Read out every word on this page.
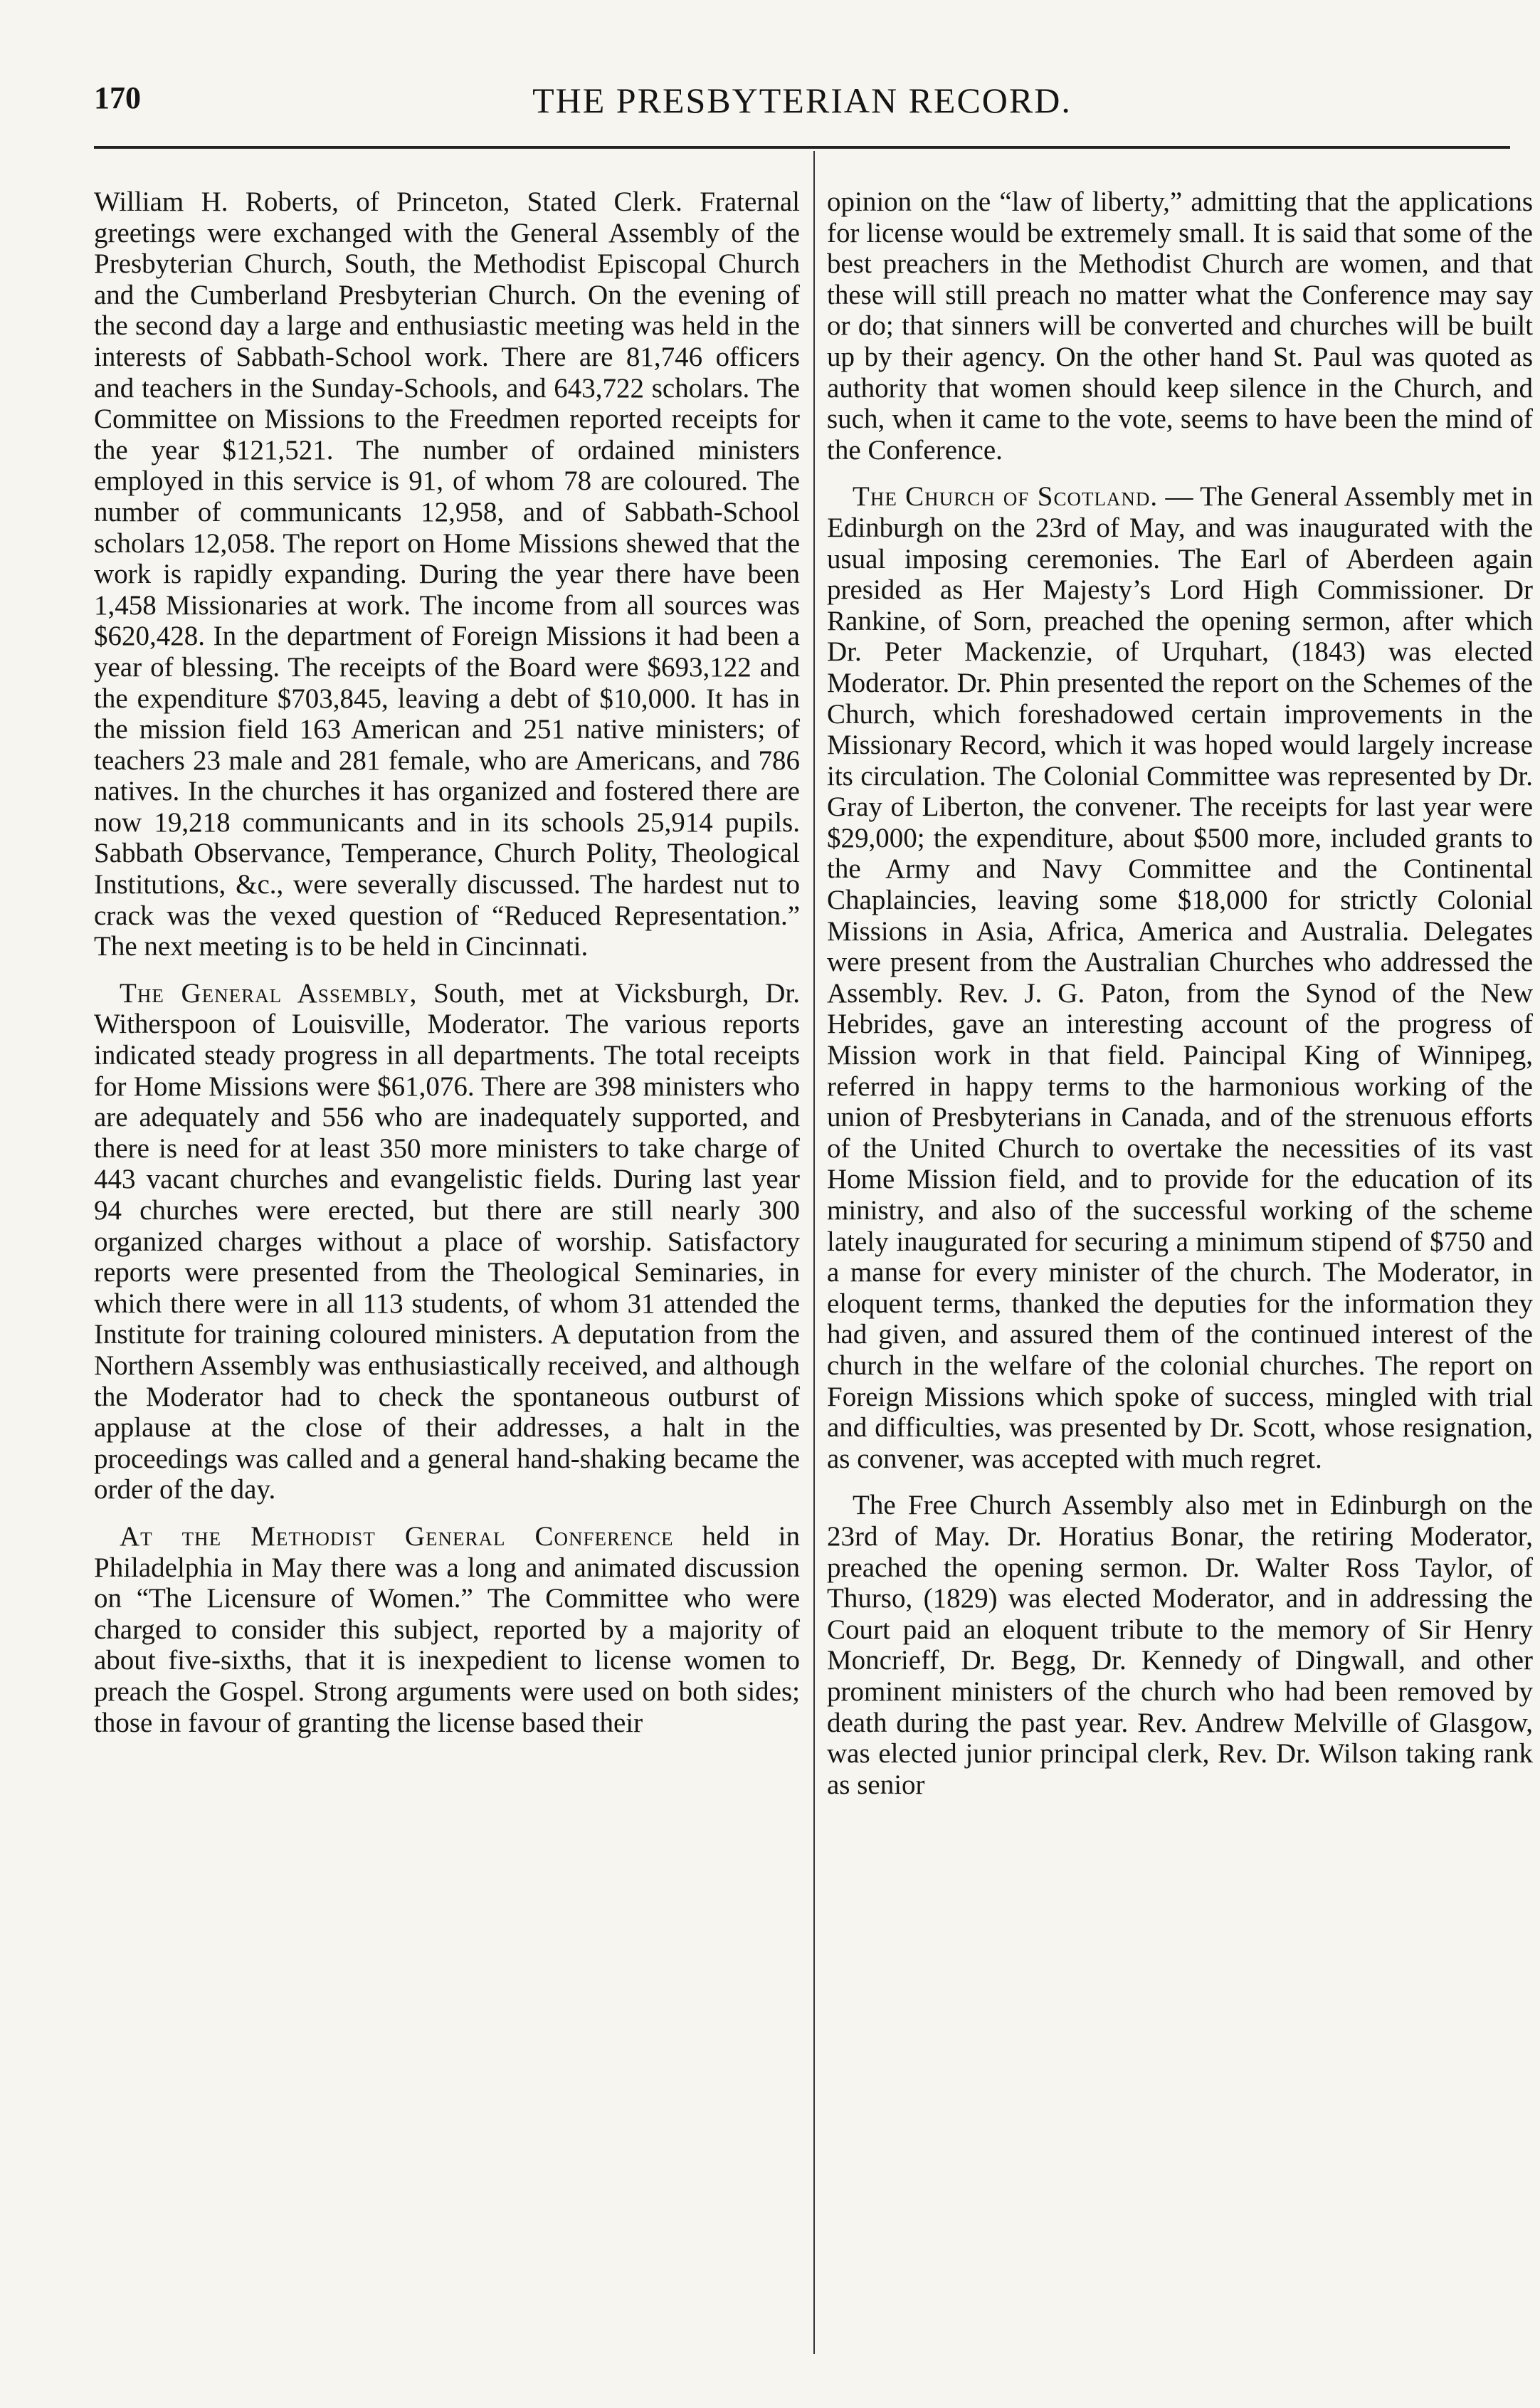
170	THE PRESBYTERIAN RECORD.

William H. Roberts, of Princeton, Stated Clerk. Fraternal greetings were exchanged with the General Assembly of the Presbyterian Church, South, the Methodist Episcopal Church and the Cumberland Presbyterian Church. On the evening of the second day a large and enthusiastic meeting was held in the interests of Sabbath-School work. There are 81,746 officers and teachers in the Sunday-Schools, and 643,722 scholars. The Committee on Missions to the Freedmen reported receipts for the year $121,521. The number of ordained ministers employed in this service is 91, of whom 78 are coloured. The number of communicants 12,958, and of Sabbath-School scholars 12,058. The report on Home Missions shewed that the work is rapidly expanding. During the year there have been 1,458 Missionaries at work. The income from all sources was $620,428. In the department of Foreign Missions it had been a year of blessing. The receipts of the Board were $693,122 and the expenditure $703,845, leaving a debt of $10,000. It has in the mission field 163 American and 251 native ministers; of teachers 23 male and 281 female, who are Americans, and 786 natives. In the churches it has organized and fostered there are now 19,218 communicants and in its schools 25,914 pupils. Sabbath Observance, Temperance, Church Polity, Theological Institutions, &c., were severally discussed. The hardest nut to crack was the vexed question of “Reduced Representation.” The next meeting is to be held in Cincinnati.

The General Assembly, South, met at Vicksburgh, Dr. Witherspoon of Louisville, Moderator. The various reports indicated steady progress in all departments. The total receipts for Home Missions were $61,076. There are 398 ministers who are adequately and 556 who are inadequately supported, and there is need for at least 350 more ministers to take charge of 443 vacant churches and evangelistic fields. During last year 94 churches were erected, but there are still nearly 300 organized charges without a place of worship. Satisfactory reports were presented from the Theological Seminaries, in which there were in all 113 students, of whom 31 attended the Institute for training coloured ministers. A deputation from the Northern Assembly was enthusiastically received, and although the Moderator had to check the spontaneous outburst of applause at the close of their addresses, a halt in the proceedings was called and a general hand-shaking became the order of the day.

At the Methodist General Conference held in Philadelphia in May there was a long and animated discussion on “The Licensure of Women.” The Committee who were charged to consider this subject, reported by a majority of about five-sixths, that it is inexpedient to license women to preach the Gospel. Strong arguments were used on both sides; those in favour of granting the license based their

opinion on the “law of liberty,” admitting that the applications for license would be extremely small. It is said that some of the best preachers in the Methodist Church are women, and that these will still preach no matter what the Conference may say or do; that sinners will be converted and churches will be built up by their agency. On the other hand St. Paul was quoted as authority that women should keep silence in the Church, and such, when it came to the vote, seems to have been the mind of the Conference.

The Church of Scotland. — The General Assembly met in Edinburgh on the 23rd of May, and was inaugurated with the usual imposing ceremonies. The Earl of Aberdeen again presided as Her Majesty’s Lord High Commissioner. Dr Rankine, of Sorn, preached the opening sermon, after which Dr. Peter Mackenzie, of Urquhart, (1843) was elected Moderator. Dr. Phin presented the report on the Schemes of the Church, which foreshadowed certain improvements in the Missionary Record, which it was hoped would largely increase its circulation. The Colonial Committee was represented by Dr. Gray of Liberton, the convener. The receipts for last year were $29,000; the expenditure, about $500 more, included grants to the Army and Navy Committee and the Continental Chaplaincies, leaving some $18,000 for strictly Colonial Missions in Asia, Africa, America and Australia. Delegates were present from the Australian Churches who addressed the Assembly. Rev. J. G. Paton, from the Synod of the New Hebrides, gave an interesting account of the progress of Mission work in that field. Paincipal King of Winnipeg, referred in happy terms to the harmonious working of the union of Presbyterians in Canada, and of the strenuous efforts of the United Church to overtake the necessities of its vast Home Mission field, and to provide for the education of its ministry, and also of the successful working of the scheme lately inaugurated for securing a minimum stipend of $750 and a manse for every minister of the church. The Moderator, in eloquent terms, thanked the deputies for the information they had given, and assured them of the continued interest of the church in the welfare of the colonial churches. The report on Foreign Missions which spoke of success, mingled with trial and difficulties, was presented by Dr. Scott, whose resignation, as convener, was accepted with much regret.

The Free Church Assembly also met in Edinburgh on the 23rd of May. Dr. Horatius Bonar, the retiring Moderator, preached the opening sermon. Dr. Walter Ross Taylor, of Thurso, (1829) was elected Moderator, and in addressing the Court paid an eloquent tribute to the memory of Sir Henry Moncrieff, Dr. Begg, Dr. Kennedy of Dingwall, and other prominent ministers of the church who had been removed by death during the past year. Rev. Andrew Melville of Glasgow, was elected junior principal clerk, Rev. Dr. Wilson taking rank as senior
